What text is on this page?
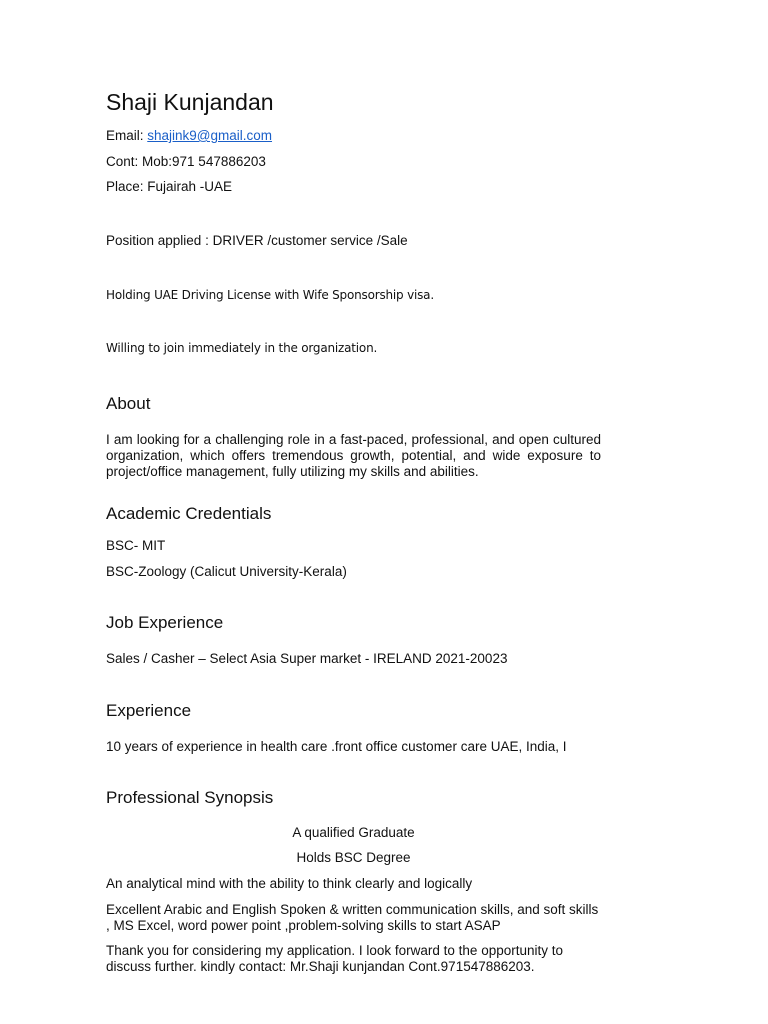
Shaji Kunjandan
Email: shajink9@gmail.com
Cont: Mob:971 547886203
Place: Fujairah -UAE
Position applied : DRIVER /customer service /Sale
Holding UAE Driving License with Wife Sponsorship visa.
Willing to join immediately in the organization.
About
I am looking for a challenging role in a fast-paced, professional, and open cultured organization, which offers tremendous growth, potential, and wide exposure to project/office management, fully utilizing my skills and abilities.
Academic Credentials
BSC- MIT
BSC-Zoology (Calicut University-Kerala)
Job Experience
Sales / Casher – Select Asia Super market - IRELAND 2021-20023
Experience
10 years of experience in health care .front office customer care UAE, India, I
Professional Synopsis
A qualified Graduate
Holds BSC Degree
An analytical mind with the ability to think clearly and logically
Excellent Arabic and English Spoken & written communication skills, and soft skills , MS Excel, word power point ,problem-solving skills to start ASAP
Thank you for considering my application. I look forward to the opportunity to discuss further. kindly contact: Mr.Shaji kunjandan Cont.971547886203.
